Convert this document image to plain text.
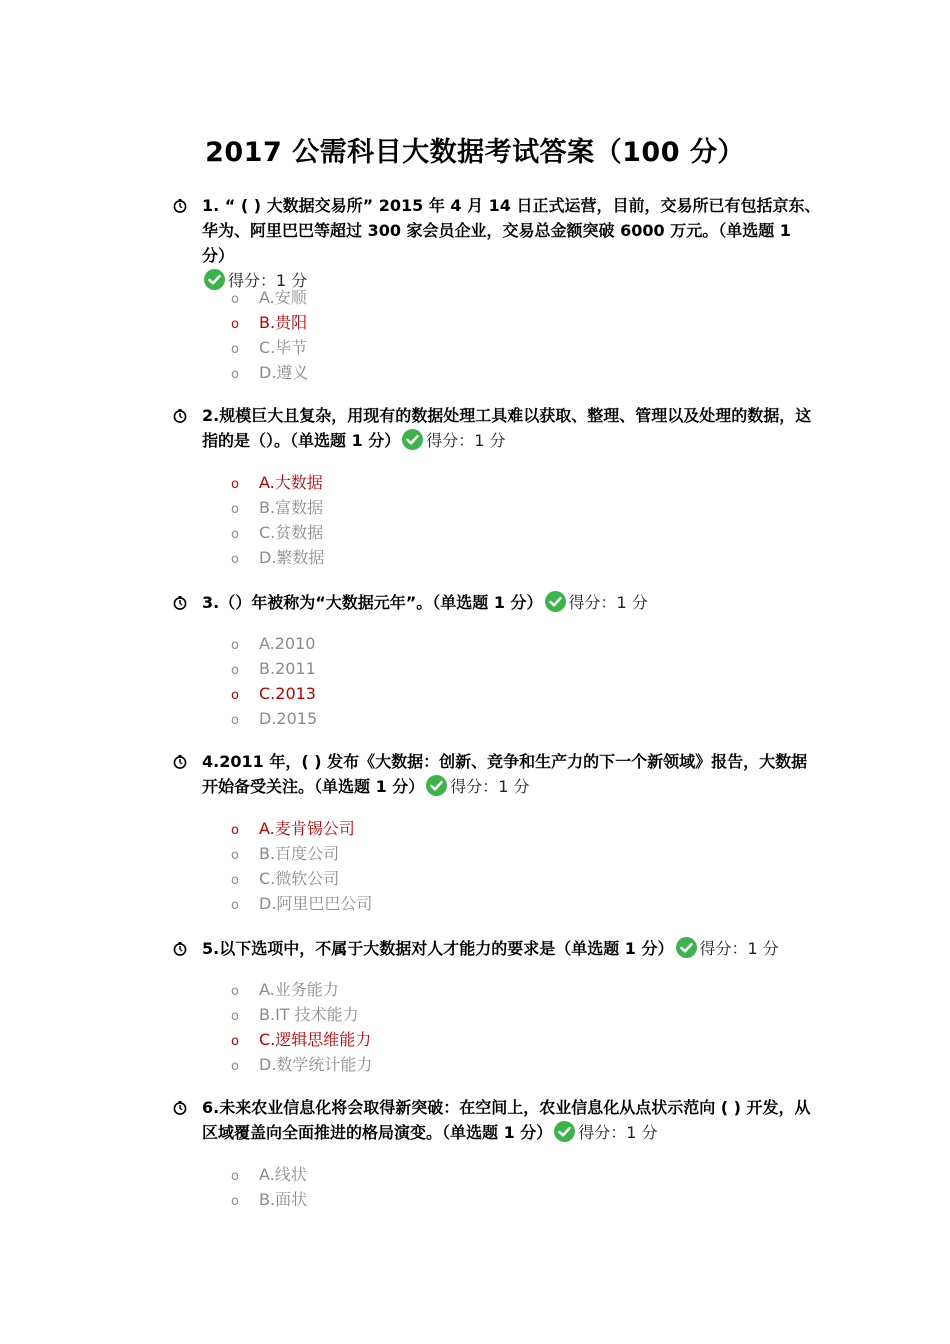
2017 公需科目大数据考试答案（100 分）
1. “ ( ) 大数据交易所” 2015 年 4 月 14 日正式运营，目前，交易所已有包括京东、华为、阿里巴巴等超过 300 家会员企业，交易总金额突破 6000 万元。（单选题 1 分）
得分：1 分
o A.安顺
o B.贵阳
o C.毕节
o D.遵义
2.规模巨大且复杂，用现有的数据处理工具难以获取、整理、管理以及处理的数据，这指的是（）。（单选题 1 分） 得分：1 分
o A.大数据
o B.富数据
o C.贫数据
o D.繁数据
3.（）年被称为“大数据元年”。（单选题 1 分） 得分：1 分
o A.2010
o B.2011
o C.2013
o D.2015
4.2011 年，( ) 发布《大数据：创新、竞争和生产力的下一个新领域》报告，大数据开始备受关注。（单选题 1 分） 得分：1 分
o A.麦肯锡公司
o B.百度公司
o C.微软公司
o D.阿里巴巴公司
5.以下选项中，不属于大数据对人才能力的要求是（单选题 1 分） 得分：1 分
o A.业务能力
o B.IT 技术能力
o C.逻辑思维能力
o D.数学统计能力
6.未来农业信息化将会取得新突破：在空间上，农业信息化从点状示范向 ( ) 开发，从区域覆盖向全面推进的格局演变。（单选题 1 分） 得分：1 分
o A.线状
o B.面状
